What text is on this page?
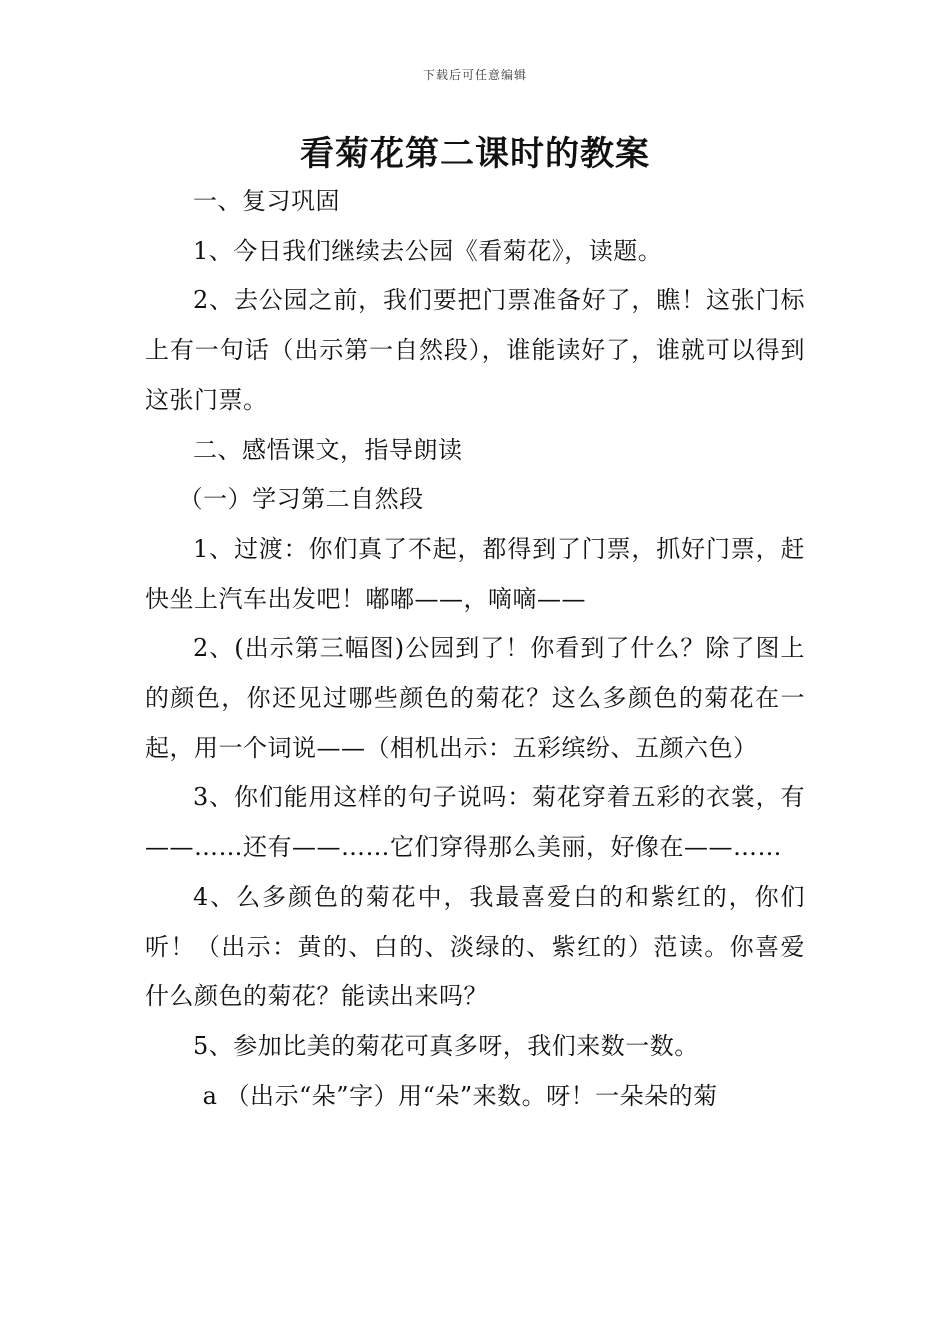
下载后可任意编辑
看菊花第二课时的教案

一、复习巩固

1、今日我们继续去公园《看菊花》，读题。

2、去公园之前，我们要把门票准备好了，瞧！这张门标上有一句话（出示第一自然段），谁能读好了，谁就可以得到这张门票。

二、感悟课文，指导朗读

（一）学习第二自然段

1、过渡：你们真了不起，都得到了门票，抓好门票，赶快坐上汽车出发吧！嘟嘟——，嘀嘀——

2、(出示第三幅图)公园到了！你看到了什么？除了图上的颜色，你还见过哪些颜色的菊花？这么多颜色的菊花在一起，用一个词说——（相机出示：五彩缤纷、五颜六色）

3、你们能用这样的句子说吗：菊花穿着五彩的衣裳，有——……还有——……它们穿得那么美丽，好像在——……

4、么多颜色的菊花中，我最喜爱白的和紫红的，你们听！（出示：黄的、白的、淡绿的、紫红的）范读。你喜爱什么颜色的菊花？能读出来吗？

5、参加比美的菊花可真多呀，我们来数一数。

a （出示“朵”字）用“朵”来数。呀！一朵朵的菊
